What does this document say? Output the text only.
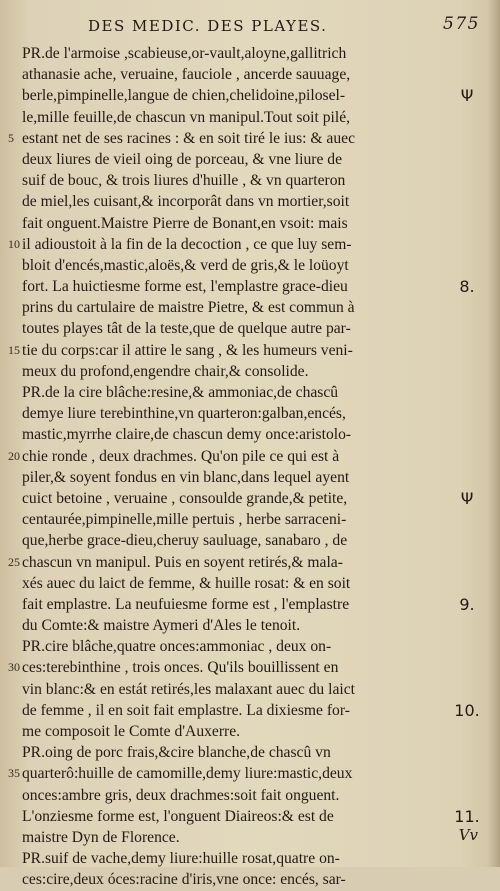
DES MEDIC. DES PLAYES.	575
PR.de l'armoise ,scabieuse,or-vault,aloyne,gallitrich
athanasie ache, veruaine, fauciole , ancerde sauuage,
berle,pimpinelle,langue de chien,chelidoine,pilosel-	Ψ
le,mille feuille,de chascun vn manipul.Tout soit pilé,
estant net de ses racines : & en soit tiré le ius: & auec
5
deux liures de vieil oing de porceau, & vne liure de
suif de bouc, & trois liures d'huille , & vn quarteron
de miel,les cuisant,& incorporât dans vn mortier,soit
fait onguent.Maistre Pierre de Bonant,en vsoit: mais
il adioustoit à la fin de la decoction , ce que luy sem-
10
bloit d'encés,mastic,aloës,& verd de gris,& le loüoyt
fort. La huictiesme forme est, l'emplastre grace-dieu	8.
prins du cartulaire de maistre Pietre, & est commun à
toutes playes tât de la teste,que de quelque autre par-
tie du corps:car il attire le sang , & les humeurs veni-
15
meux du profond,engendre chair,& consolide.
PR.de la cire blâche:resine,& ammoniac,de chascû
demye liure terebinthine,vn quarteron:galban,encés,
mastic,myrrhe claire,de chascun demy once:aristolo-
chie ronde , deux drachmes. Qu'on pile ce qui est à
20
piler,& soyent fondus en vin blanc,dans lequel ayent
cuict betoine , veruaine , consoulde grande,& petite,	Ψ
centaurée,pimpinelle,mille pertuis , herbe sarraceni-
que,herbe grace-dieu,cheruy sauluage, sanabaro , de
chascun vn manipul. Puis en soyent retirés,& mala-
25
xés auec du laict de femme, & huille rosat: & en soit
fait emplastre. La neufuiesme forme est , l'emplastre	9.
du Comte:& maistre Aymeri d'Ales le tenoit.
PR.cire blâche,quatre onces:ammoniac , deux on-
ces:terebinthine , trois onces. Qu'ils bouillissent en
30
vin blanc:& en estát retirés,les malaxant auec du laict
de femme , il en soit fait emplastre. La dixiesme for-	10.
me composoit le Comte d'Auxerre.
PR.oing de porc frais,&cire blanche,de chascû vn
quarterô:huille de camomille,demy liure:mastic,deux
35
onces:ambre gris, deux drachmes:soit fait onguent.
L'onziesme forme est, l'onguent Diaireos:& est de	11.
maistre Dyn de Florence.
PR.suif de vache,demy liure:huille rosat,quatre on-
ces:cire,deux óces:racine d'iris,vne once: encés, sar-
Vv
